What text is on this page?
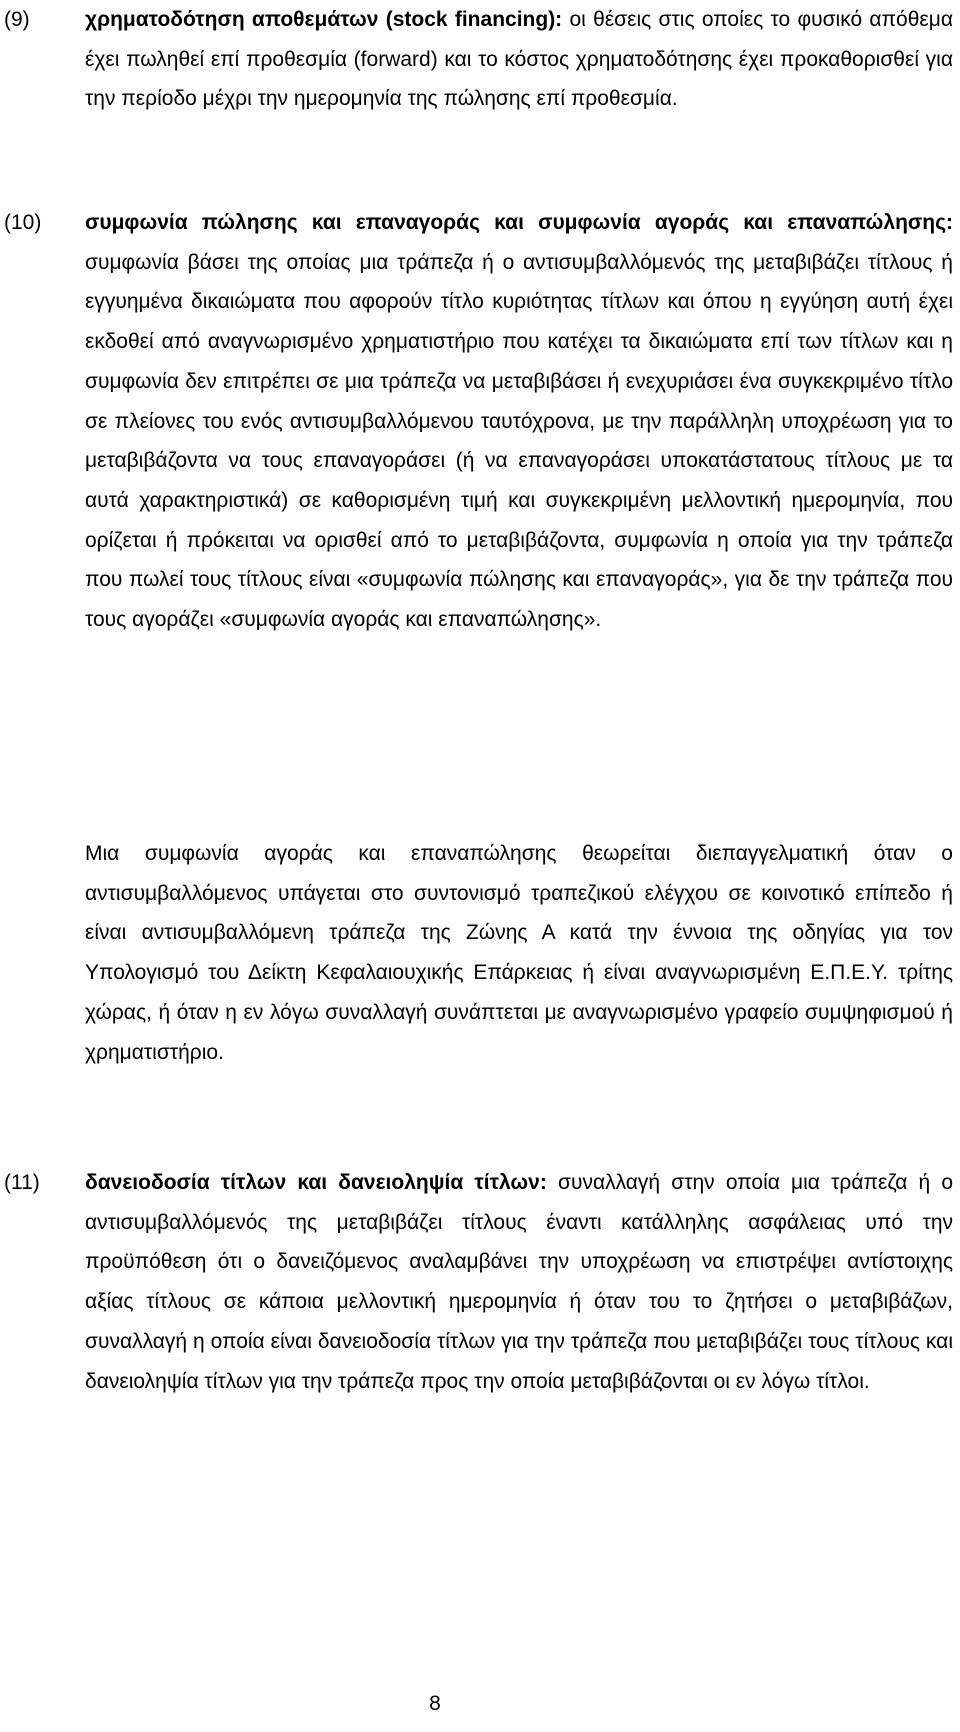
(9)	χρηματοδότηση αποθεμάτων (stock financing): οι θέσεις στις οποίες το φυσικό απόθεμα έχει πωληθεί επί προθεσμία (forward) και το κόστος χρηματοδότησης έχει προκαθορισθεί για την περίοδο μέχρι την ημερομηνία της πώλησης επί προθεσμία.

(10) συμφωνία πώλησης και επαναγοράς και συμφωνία αγοράς και επαναπώλησης: συμφωνία βάσει της οποίας μια τράπεζα ή ο αντισυμβαλλόμενός της μεταβιβάζει τίτλους ή εγγυημένα δικαιώματα που αφορούν τίτλο κυριότητας τίτλων και όπου η εγγύηση αυτή έχει εκδοθεί από αναγνωρισμένο χρηματιστήριο που κατέχει τα δικαιώματα επί των τίτλων και η συμφωνία δεν επιτρέπει σε μια τράπεζα να μεταβιβάσει ή ενεχυριάσει ένα συγκεκριμένο τίτλο σε πλείονες του ενός αντισυμβαλλόμενου ταυτόχρονα, με την παράλληλη υποχρέωση για το μεταβιβάζοντα να τους επαναγοράσει (ή να επαναγοράσει υποκατάστατους τίτλους με τα αυτά χαρακτηριστικά) σε καθορισμένη τιμή και συγκεκριμένη μελλοντική ημερομηνία, που ορίζεται ή πρόκειται να ορισθεί από το μεταβιβάζοντα, συμφωνία η οποία για την τράπεζα που πωλεί τους τίτλους είναι «συμφωνία πώλησης και επαναγοράς», για δε την τράπεζα που τους αγοράζει «συμφωνία αγοράς και επαναπώλησης».

Μια συμφωνία αγοράς και επαναπώλησης θεωρείται διεπαγγελματική όταν ο αντισυμβαλλόμενος υπάγεται στο συντονισμό τραπεζικού ελέγχου σε κοινοτικό επίπεδο ή είναι αντισυμβαλλόμενη τράπεζα της Ζώνης Α κατά την έννοια της οδηγίας για τον Υπολογισμό του Δείκτη Κεφαλαιουχικής Επάρκειας ή είναι αναγνωρισμένη Ε.Π.Ε.Υ. τρίτης χώρας, ή όταν η εν λόγω συναλλαγή συνάπτεται με αναγνωρισμένο γραφείο συμψηφισμού ή χρηματιστήριο.

(11) δανειοδοσία τίτλων και δανειοληψία τίτλων: συναλλαγή στην οποία μια τράπεζα ή ο αντισυμβαλλόμενός της μεταβιβάζει τίτλους έναντι κατάλληλης ασφάλειας υπό την προϋπόθεση ότι ο δανειζόμενος αναλαμβάνει την υποχρέωση να επιστρέψει αντίστοιχης αξίας τίτλους σε κάποια μελλοντική ημερομηνία ή όταν του το ζητήσει ο μεταβιβάζων, συναλλαγή η οποία είναι δανειοδοσία τίτλων για την τράπεζα που μεταβιβάζει τους τίτλους και δανειοληψία τίτλων για την τράπεζα προς την οποία μεταβιβάζονται οι εν λόγω τίτλοι.

8
